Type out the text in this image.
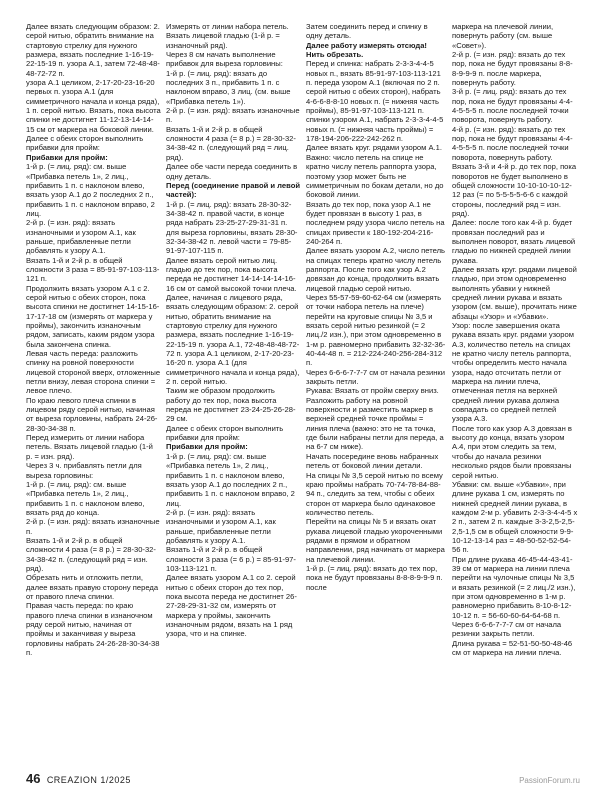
Далее вязать следующим образом: 2. серой нитью, обратить внимание на стартовую стрелку для нужного размера, вязать последние 1-16-19-22-15-19 п. узора А.1, затем 72-48-48-48-72-72 п.

узора А.1 целиком, 2-17-20-23-16-20 первых п. узора А.1 (для симметричного начала и конца ряда), 1 п. серой нитью. Вязать, пока высота спинки не достигнет 11-12-13-14-14-15 см от маркера на боковой линии.

Далее с обеих сторон выполнить прибавки для пройм:

Прибавки для пройм:

1-й р. (= лиц. ряд): см. выше «Прибавка петель 1», 2 лиц., прибавить 1 п. с наклоном влево, вязать узор А.1 до 2 последних 2 п., прибавить 1 п. с наклоном вправо, 2 лиц.

2-й р. (= изн. ряд): вязать изнаночными и узором А.1, как раньше, прибавленные петли добавлять к узору А.1.

Вязать 1-й и 2-й р. в общей сложности 3 раза = 85-91-97-103-113-121 п.

Продолжить вязать узором А.1 с 2. серой нитью с обеих сторон, пока высота спинки не достигнет 14-15-16-17-17-18 см (измерять от маркера у проймы), закончить изнаночным рядом, записать, каким рядом узора была закончена спинка.

Левая часть переда: разложить спинку на ровной поверхности лицевой стороной вверх, отложенные петли внизу, левая сторона спинки = левое плечо.

По краю левого плеча спинки в лицевом ряду серой нитью, начиная от выреза горловины, набрать 24-26-28-30-34-38 п.

Перед измерить от линии набора петель. Вязать лицевой гладью (1-й р. = изн. ряд).

Через 3 ч. прибавлять петли для выреза горловины:

1-й р. (= лиц. ряд): см. выше «Прибавка петель 1», 2 лиц., прибавить 1 п. с наклоном влево, вязать ряд до конца.

2-й р. (= изн. ряд): вязать изнаночные п.

Вязать 1-й и 2-й р. в общей сложности 4 раза (= 8 р.) = 28-30-32-34-38-42 п. (следующий ряд = изн. ряд).

Обрезать нить и отложить петли, далее вязать правую сторону переда от правого плеча спинки.

Правая часть переда: по краю правого плеча спинки в изнаночном ряду серой нитью, начиная от проймы и заканчивая у выреза горловины набрать 24-26-28-30-34-38 п.

Измерять от линии набора петель.

Вязать лицевой гладью (1-й р. = изнаночный ряд).

Через 8 см начать выполнение прибавок для выреза горловины:

1-й р. (= лиц. ряд): вязать до последних 3 п., прибавить 1 п. с наклоном вправо, 3 лиц. (см. выше «Прибавка петель 1»).

2-й р. (= изн. ряд): вязать изнаночные п.

Вязать 1-й и 2-й р. в общей сложности 4 раза (= 8 р.) = 28-30-32-34-38-42 п. (следующий ряд = лиц. ряд).

Далее обе части переда соединить в одну деталь.

Перед (соединение правой и левой частей):

1-й р. (= лиц. ряд): вязать 28-30-32-34-38-42 п. правой части, в конце ряда набрать 23-25-27-29-31-31 п. для выреза горловины, вязать 28-30-32-34-38-42 п. левой части = 79-85-91-97-107-115 п.

Далее вязать серой нитью лиц. гладью до тех пор, пока высота переда не достигнет 14-14-14-14-16-16 см от самой высокой точки плеча.

Далее, начиная с лицевого ряда, вязать следующим образом: 2. серой нитью, обратить внимание на стартовую стрелку для нужного размера, вязать последние 1-16-19-22-15-19 п. узора А.1, 72-48-48-48-72-72 п. узора А.1 целиком, 2-17-20-23-16-20 п. узора А.1 (для симметричного начала и конца ряда), 2 п. серой нитью.

Таким же образом продолжить работу до тех пор, пока высота переда не достигнет 23-24-25-26-28-29 см.

Далее с обеих сторон выполнить прибавки для пройм:

Прибавки для пройм:

1-й р. (= лиц. ряд): см. выше «Прибавка петель 1», 2 лиц., прибавить 1 п. с наклоном влево, вязать узор А.1 до последних 2 п., прибавить 1 п. с наклоном вправо, 2 лиц.

2-й р. (= изн. ряд): вязать изнаночными и узором А.1, как раньше, прибавленные петли добавлять к узору А.1.

Вязать 1-й и 2-й р. в общей сложности 3 раза (= 6 р.) = 85-91-97-103-113-121 п.

Далее вязать узором А.1 со 2. серой нитью с обеих сторон до тех пор, пока высота переда не достигнет 26-27-28-29-31-32 см, измерять от маркера у проймы, закончить изнаночным рядом, вязать на 1 ряд узора, что и на спинке.

Затем соединить перед и спинку в одну деталь.

Далее работу измерять отсюда! Нить обрезать.

Перед и спинка: набрать 2-3-3-4-4-5 новых п., вязать 85-91-97-103-113-121 п. переда узором А.1 (включая по 2 п. серой нитью с обеих сторон), набрать 4-6-6-8-8-10 новых п. (= нижняя часть проймы), 85-91-97-103-113-121 п. спинки узором А.1, набрать 2-3-3-4-4-5 новых п. (= нижняя часть проймы) = 178-194-206-222-242-262 п.

Далее вязать круг. рядами узором А.1.

Важно: число петель на спице не кратно числу петель раппорта узора, поэтому узор может быть не симметричным по бокам детали, но до боковой линии.

Вязать до тех пор, пока узор А.1 не будет провязан в высоту 1 раз, в последнем ряду узора число петель на спицах привести к 180-192-204-216-240-264 п.

Далее вязать узором А.2, число петель на спицах теперь кратно числу петель раппорта. После того как узор А.2 довязан до конца, продолжить вязать лицевой гладью серой нитью.

Через 55-57-59-60-62-64 см (измерять от точки набора петель на плече) перейти на круговые спицы № 3,5 и вязать серой нитью резинкой (= 2 лиц./2 изн.), при этом одновременно в 1-м р. равномерно прибавить 32-32-36-40-44-48 п. = 212-224-240-256-284-312 п.

Через 6-6-6-7-7-7 см от начала резинки закрыть петли.

Рукава: Вязать от пройм сверху вниз.

Разложить работу на ровной поверхности и разместить маркер в верхней средней точке проймы = линия плеча (важно: это не та точка, где были набраны петли для переда, а на 6-7 см ниже).

Начать посередине вновь набранных петель от боковой линии детали.

На спицы № 3,5 серой нитью по всему краю проймы набрать 70-74-78-84-88-94 п., следить за тем, чтобы с обеих сторон от маркера было одинаковое количество петель.

Перейти на спицы № 5 и вязать окат рукава лицевой гладью укороченными рядами в прямом и обратном направлении, ряд начинать от маркера на плечевой линии.

1-й р. (= лиц. ряд): вязать до тех пор, пока не будут провязаны 8-8-8-9-9-9 п. после

маркера на плечевой линии, повернуть работу (см. выше «Совет»).

2-й р. (= изн. ряд): вязать до тех пор, пока не будут провязаны 8-8-8-9-9-9 п. после маркера, повернуть работу.

3-й р. (= лиц. ряд): вязать до тех пор, пока не будут провязаны 4-4-4-5-5-5 п. после последней точки поворота, повернуть работу.

4-й р. (= изн. ряд): вязать до тех пор, пока не будут провязаны 4-4-4-5-5-5 п. после последней точки поворота, повернуть работу.

Вязать 3-й и 4-й р. до тех пор, пока поворотов не будет выполнено в общей сложности 10-10-10-10-12-12 раз (= по 5-5-5-5-6-6 с каждой стороны, последний ряд = изн. ряд).

Далее: после того как 4-й р. будет провязан последний раз и выполнен поворот, вязать лицевой гладью по нижней средней линии рукава.

Далее вязать круг. рядами лицевой гладью, при этом одновременно выполнять убавки у нижней средней линии рукава и вязать узором (см. выше), прочитать ниже абзацы «Узор» и «Убавки».

Узор: после завершения оката рукава вязать круг. рядами узором А.3, количество петель на спицах не кратно числу петель раппорта, чтобы определить место начала узора, надо отсчитать петли от маркера на линии плеча, отмеченная петля на верхней средней линии рукава должна совпадать со средней петлей узора А.3.

После того как узор А.3 довязан в высоту до конца, вязать узором А.4, при этом следить за тем, чтобы до начала резинки несколько рядов были провязаны серой нитью.

Убавки: см. выше «Убавки», при длине рукава 1 см, измерять по нижней средней линии рукава, в каждом 2-м р. убавить 2-3-3-4-4-5 х 2 п., затем 2 п. каждые 3-3-2,5-2,5-2,5-1,5 см в общей сложности 9-9-10-12-13-14 раз = 48-50-52-52-54-56 п.

При длине рукава 46-45-44-43-41-39 см от маркера на линии плеча перейти на чулочные спицы № 3,5 и вязать резинкой (= 2 лиц./2 изн.), при этом одновременно в 1-м р. равномерно прибавить 8-10-8-12-10-12 п. = 56-60-60-64-64-68 п.

Через 6-6-6-7-7-7 см от начала резинки закрыть петли.

Длина рукава = 52-51-50-50-48-46 см от маркера на линии плеча.

46 CREAZION 1/2025	PassionForum.ru
